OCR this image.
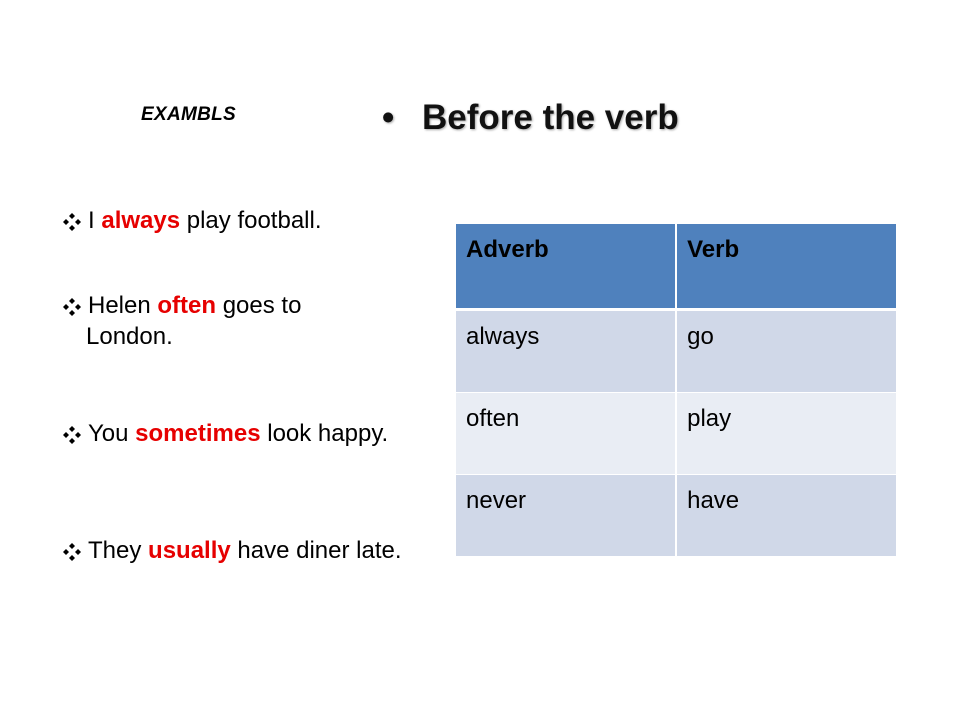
EXAMBLS	• Before the verb
I always play football.
Helen often goes to
London.
You sometimes look happy.
They usually have diner late.
Adverb	Verb
always	go
often	play
never	have
